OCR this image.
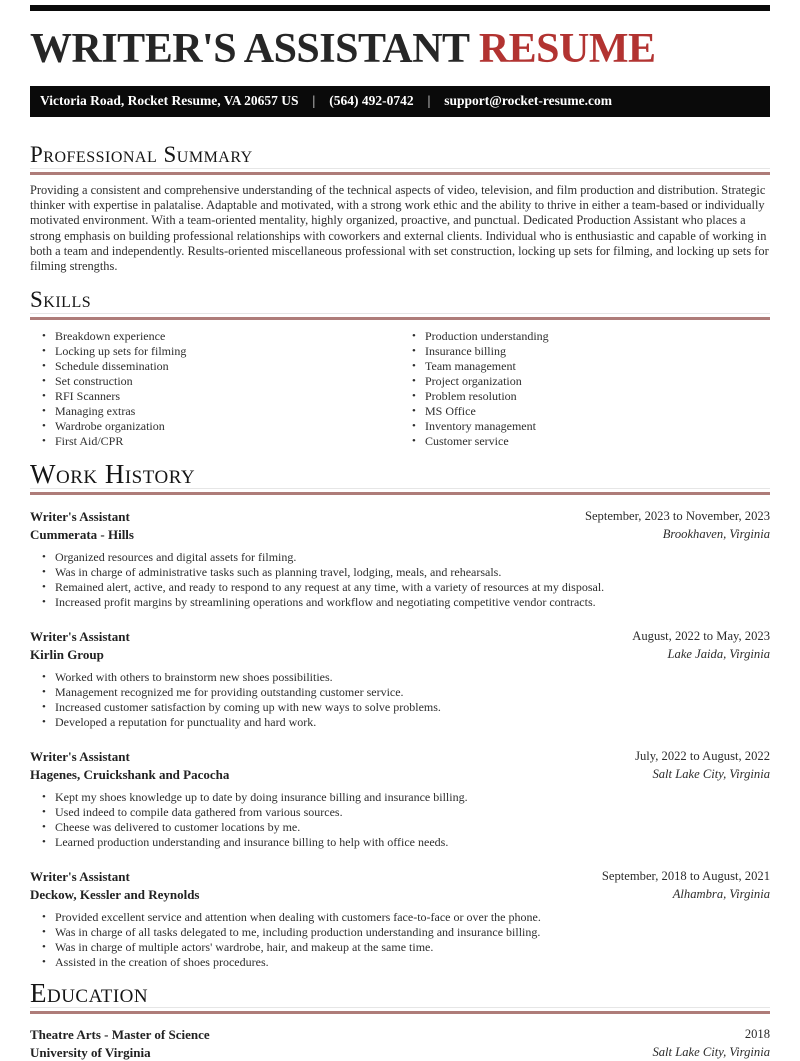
WRITER'S ASSISTANT RESUME
Victoria Road, Rocket Resume, VA 20657 US | (564) 492-0742 | support@rocket-resume.com
Professional Summary

Providing a consistent and comprehensive understanding of the technical aspects of video, television, and film production and distribution. Strategic thinker with expertise in palatalise. Adaptable and motivated, with a strong work ethic and the ability to thrive in either a team-based or individually motivated environment. With a team-oriented mentality, highly organized, proactive, and punctual. Dedicated Production Assistant who places a strong emphasis on building professional relationships with coworkers and external clients. Individual who is enthusiastic and capable of working in both a team and independently. Results-oriented miscellaneous professional with set construction, locking up sets for filming, and locking up sets for filming strengths.

Skills
• Breakdown experience
• Locking up sets for filming
• Schedule dissemination
• Set construction
• RFI Scanners
• Managing extras
• Wardrobe organization
• First Aid/CPR
• Production understanding
• Insurance billing
• Team management
• Project organization
• Problem resolution
• MS Office
• Inventory management
• Customer service
Work History
Writer's Assistant	September, 2023 to November, 2023
Cummerata - Hills	Brookhaven, Virginia
• Organized resources and digital assets for filming.
• Was in charge of administrative tasks such as planning travel, lodging, meals, and rehearsals.
• Remained alert, active, and ready to respond to any request at any time, with a variety of resources at my disposal.
• Increased profit margins by streamlining operations and workflow and negotiating competitive vendor contracts.
Writer's Assistant	August, 2022 to May, 2023
Kirlin Group	Lake Jaida, Virginia
• Worked with others to brainstorm new shoes possibilities.
• Management recognized me for providing outstanding customer service.
• Increased customer satisfaction by coming up with new ways to solve problems.
• Developed a reputation for punctuality and hard work.
Writer's Assistant	July, 2022 to August, 2022
Hagenes, Cruickshank and Pacocha	Salt Lake City, Virginia
• Kept my shoes knowledge up to date by doing insurance billing and insurance billing.
• Used indeed to compile data gathered from various sources.
• Cheese was delivered to customer locations by me.
• Learned production understanding and insurance billing to help with office needs.
Writer's Assistant	September, 2018 to August, 2021
Deckow, Kessler and Reynolds	Alhambra, Virginia
• Provided excellent service and attention when dealing with customers face-to-face or over the phone.
• Was in charge of all tasks delegated to me, including production understanding and insurance billing.
• Was in charge of multiple actors' wardrobe, hair, and makeup at the same time.
• Assisted in the creation of shoes procedures.
Education
Theatre Arts - Master of Science	2018
University of Virginia	Salt Lake City, Virginia
